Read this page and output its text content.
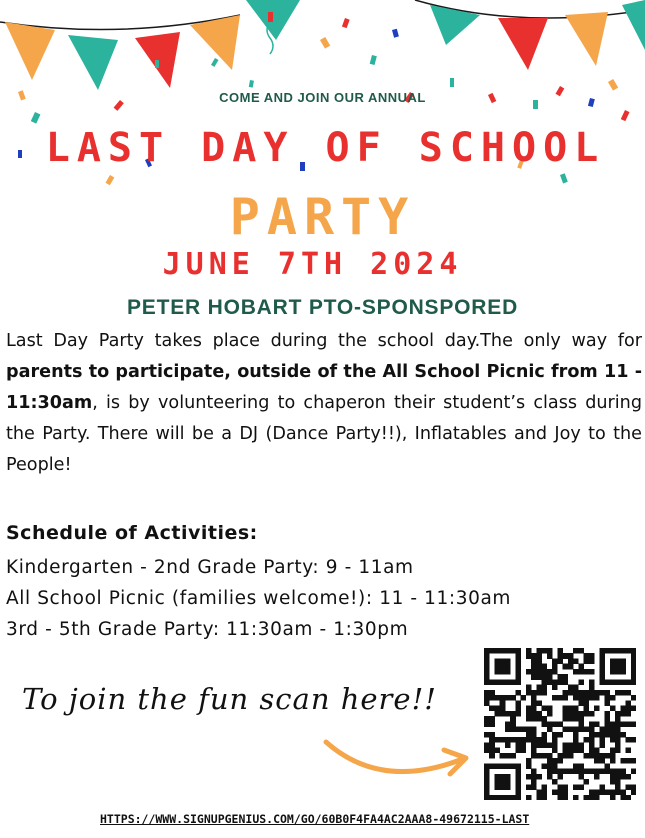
COME AND JOIN OUR ANNUAL
LAST DAY OF SCHOOL
PARTY
JUNE 7TH 2024
PETER HOBART PTO-SPONSPORED

Last Day Party takes place during the school day.The only way for parents to participate, outside of the All School Picnic from 11 - 11:30am, is by volunteering to chaperon their student’s class during the Party. There will be a DJ (Dance Party!!), Inflatables and Joy to the People!

Schedule of Activities:
Kindergarten - 2nd Grade Party: 9 - 11am
All School Picnic (families welcome!): 11 - 11:30am
3rd - 5th Grade Party: 11:30am - 1:30pm
To join the fun scan here!!
HTTPS://WWW.SIGNUPGENIUS.COM/GO/60B0F4FA4AC2AAA8-49672115-LAST
